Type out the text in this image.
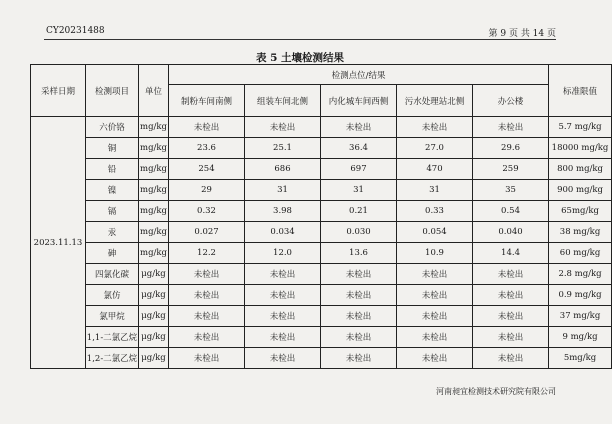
CY20231488	第 9 页 共 14 页
表 5 土壤检测结果
采样日期	检测项目	单位	检测点位/结果					标准限值
			制粉车间南侧	组装车间北侧	内化城车间西侧	污水处理站北侧	办公楼	
2023.11.13	六价铬	mg/kg	未检出	未检出	未检出	未检出	未检出	5.7 mg/kg
	铜	mg/kg	23.6	25.1	36.4	27.0	29.6	18000 mg/kg
	铅	mg/kg	254	686	697	470	259	800 mg/kg
	镍	mg/kg	29	31	31	31	35	900 mg/kg
	镉	mg/kg	0.32	3.98	0.21	0.33	0.54	65mg/kg
	汞	mg/kg	0.027	0.034	0.030	0.054	0.040	38 mg/kg
	砷	mg/kg	12.2	12.0	13.6	10.9	14.4	60 mg/kg
	四氯化碳	μg/kg	未检出	未检出	未检出	未检出	未检出	2.8 mg/kg
	氯仿	μg/kg	未检出	未检出	未检出	未检出	未检出	0.9 mg/kg
	氯甲烷	μg/kg	未检出	未检出	未检出	未检出	未检出	37 mg/kg
	1,1-二氯乙烷	μg/kg	未检出	未检出	未检出	未检出	未检出	9 mg/kg
	1,2-二氯乙烷	μg/kg	未检出	未检出	未检出	未检出	未检出	5mg/kg
河南昶宜检测技术研究院有限公司
